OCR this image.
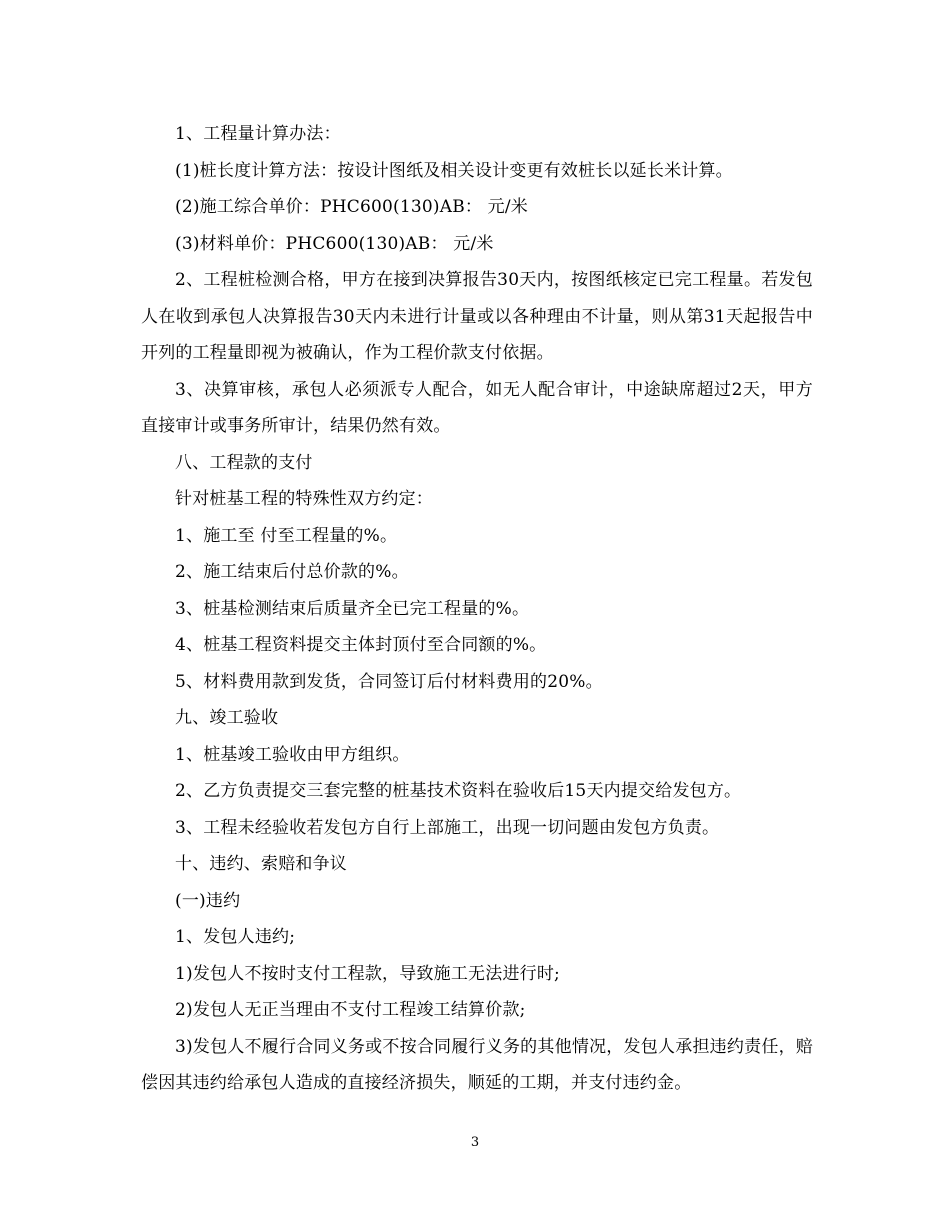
1、工程量计算办法：

(1)桩长度计算方法：按设计图纸及相关设计变更有效桩长以延长米计算。

(2)施工综合单价：PHC600(130)AB： 元/米

(3)材料单价：PHC600(130)AB： 元/米

2、工程桩检测合格，甲方在接到决算报告30天内，按图纸核定已完工程量。若发包人在收到承包人决算报告30天内未进行计量或以各种理由不计量，则从第31天起报告中开列的工程量即视为被确认，作为工程价款支付依据。

3、决算审核，承包人必须派专人配合，如无人配合审计，中途缺席超过2天，甲方直接审计或事务所审计，结果仍然有效。

八、工程款的支付

针对桩基工程的特殊性双方约定：

1、施工至 付至工程量的%。

2、施工结束后付总价款的%。

3、桩基检测结束后质量齐全已完工程量的%。

4、桩基工程资料提交主体封顶付至合同额的%。

5、材料费用款到发货，合同签订后付材料费用的20%。

九、竣工验收

1、桩基竣工验收由甲方组织。

2、乙方负责提交三套完整的桩基技术资料在验收后15天内提交给发包方。

3、工程未经验收若发包方自行上部施工，出现一切问题由发包方负责。

十、违约、索赔和争议

(一)违约

1、发包人违约;

1)发包人不按时支付工程款，导致施工无法进行时;

2)发包人无正当理由不支付工程竣工结算价款;

3)发包人不履行合同义务或不按合同履行义务的其他情况，发包人承担违约责任，赔偿因其违约给承包人造成的直接经济损失，顺延的工期，并支付违约金。

3
